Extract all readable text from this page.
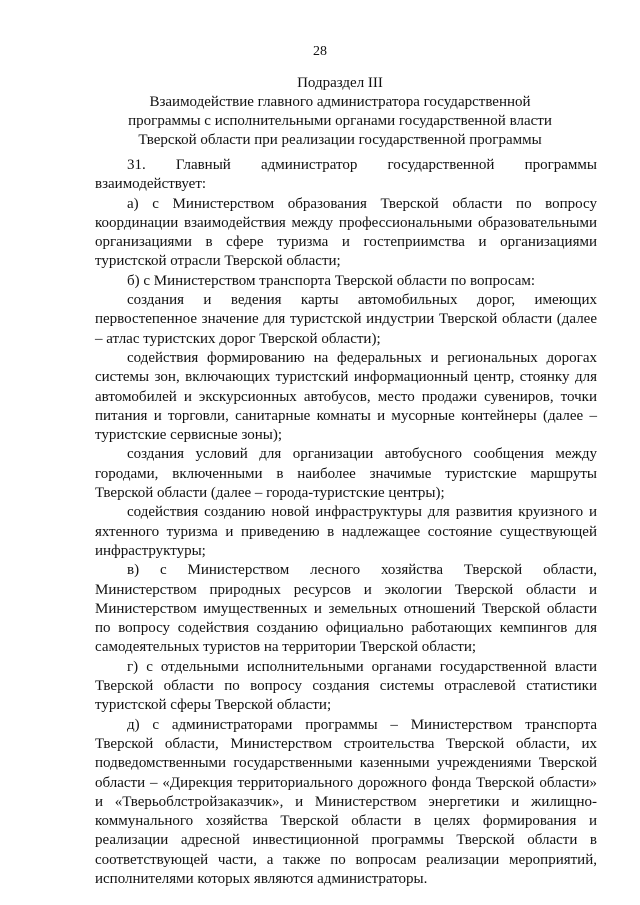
28
Подраздел III
Взаимодействие главного администратора государственной
программы с исполнительными органами государственной власти
Тверской области при реализации государственной программы

31. Главный администратор государственной программы взаимодействует:

а) с Министерством образования Тверской области по вопросу координации взаимодействия между профессиональными образовательными организациями в сфере туризма и гостеприимства и организациями туристской отрасли Тверской области;

б) с Министерством транспорта Тверской области по вопросам:

создания и ведения карты автомобильных дорог, имеющих первостепенное значение для туристской индустрии Тверской области (далее – атлас туристских дорог Тверской области);

содействия формированию на федеральных и региональных дорогах системы зон, включающих туристский информационный центр, стоянку для автомобилей и экскурсионных автобусов, место продажи сувениров, точки питания и торговли, санитарные комнаты и мусорные контейнеры (далее – туристские сервисные зоны);

создания условий для организации автобусного сообщения между городами, включенными в наиболее значимые туристские маршруты Тверской области (далее – города-туристские центры);

содействия созданию новой инфраструктуры для развития круизного и яхтенного туризма и приведению в надлежащее состояние существующей инфраструктуры;

в) с Министерством лесного хозяйства Тверской области, Министерством природных ресурсов и экологии Тверской области и Министерством имущественных и земельных отношений Тверской области по вопросу содействия созданию официально работающих кемпингов для самодеятельных туристов на территории Тверской области;

г) с отдельными исполнительными органами государственной власти Тверской области по вопросу создания системы отраслевой статистики туристской сферы Тверской области;

д) с администраторами программы – Министерством транспорта Тверской области, Министерством строительства Тверской области, их подведомственными государственными казенными учреждениями Тверской области – «Дирекция территориального дорожного фонда Тверской области» и «Тверьоблстройзаказчик», и Министерством энергетики и жилищно-коммунального хозяйства Тверской области в целях формирования и реализации адресной инвестиционной программы Тверской области в соответствующей части, а также по вопросам реализации мероприятий, исполнителями которых являются администраторы.
